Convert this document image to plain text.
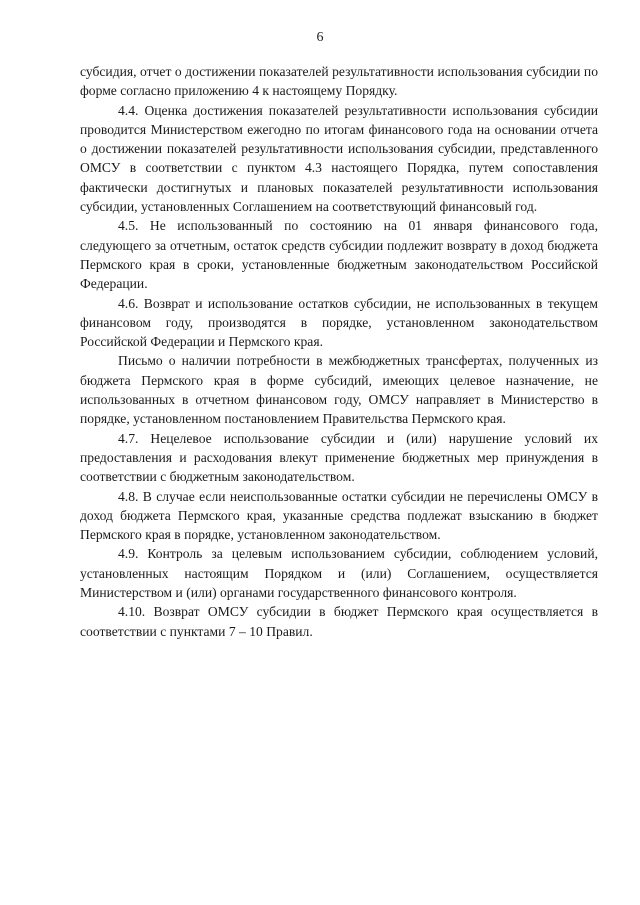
6

субсидия, отчет о достижении показателей результативности использования субсидии по форме согласно приложению 4 к настоящему Порядку.

4.4. Оценка достижения показателей результативности использования субсидии проводится Министерством ежегодно по итогам финансового года на основании отчета о достижении показателей результативности использования субсидии, представленного ОМСУ в соответствии с пунктом 4.3 настоящего Порядка, путем сопоставления фактически достигнутых и плановых показателей результативности использования субсидии, установленных Соглашением на соответствующий финансовый год.

4.5. Не использованный по состоянию на 01 января финансового года, следующего за отчетным, остаток средств субсидии подлежит возврату в доход бюджета Пермского края в сроки, установленные бюджетным законодательством Российской Федерации.

4.6. Возврат и использование остатков субсидии, не использованных в текущем финансовом году, производятся в порядке, установленном законодательством Российской Федерации и Пермского края.

Письмо о наличии потребности в межбюджетных трансфертах, полученных из бюджета Пермского края в форме субсидий, имеющих целевое назначение, не использованных в отчетном финансовом году, ОМСУ направляет в Министерство в порядке, установленном постановлением Правительства Пермского края.

4.7. Нецелевое использование субсидии и (или) нарушение условий их предоставления и расходования влекут применение бюджетных мер принуждения в соответствии с бюджетным законодательством.

4.8. В случае если неиспользованные остатки субсидии не перечислены ОМСУ в доход бюджета Пермского края, указанные средства подлежат взысканию в бюджет Пермского края в порядке, установленном законодательством.

4.9. Контроль за целевым использованием субсидии, соблюдением условий, установленных настоящим Порядком и (или) Соглашением, осуществляется Министерством и (или) органами государственного финансового контроля.

4.10. Возврат ОМСУ субсидии в бюджет Пермского края осуществляется в соответствии с пунктами 7 – 10 Правил.
